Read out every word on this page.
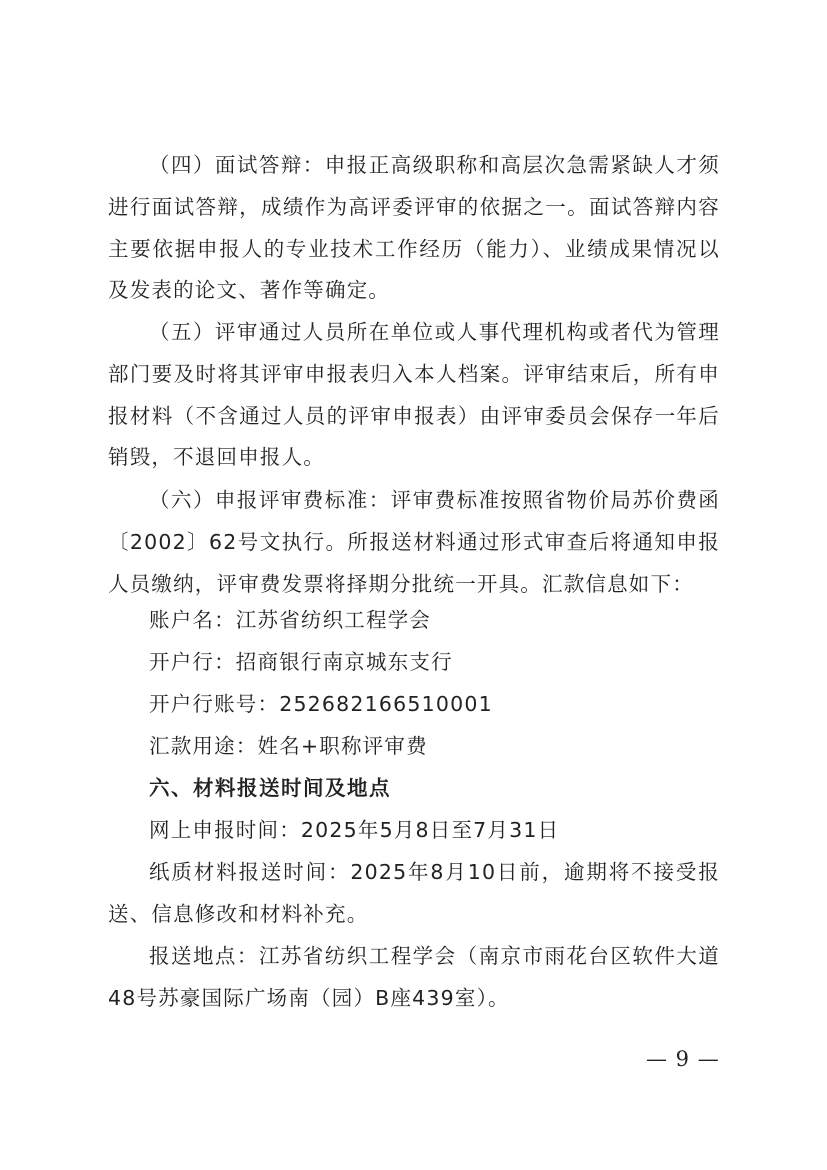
（四）面试答辩：申报正高级职称和高层次急需紧缺人才须进行面试答辩，成绩作为高评委评审的依据之一。面试答辩内容主要依据申报人的专业技术工作经历（能力）、业绩成果情况以及发表的论文、著作等确定。

（五）评审通过人员所在单位或人事代理机构或者代为管理部门要及时将其评审申报表归入本人档案。评审结束后，所有申报材料（不含通过人员的评审申报表）由评审委员会保存一年后销毁，不退回申报人。

（六）申报评审费标准：评审费标准按照省物价局苏价费函〔2002〕62号文执行。所报送材料通过形式审查后将通知申报人员缴纳，评审费发票将择期分批统一开具。汇款信息如下：

账户名：江苏省纺织工程学会
开户行：招商银行南京城东支行
开户行账号：252682166510001
汇款用途：姓名+职称评审费
六、材料报送时间及地点
网上申报时间：2025年5月8日至7月31日

纸质材料报送时间：2025年8月10日前，逾期将不接受报送、信息修改和材料补充。

报送地点：江苏省纺织工程学会（南京市雨花台区软件大道48号苏豪国际广场南（园）B座439室）。

— 9 —
